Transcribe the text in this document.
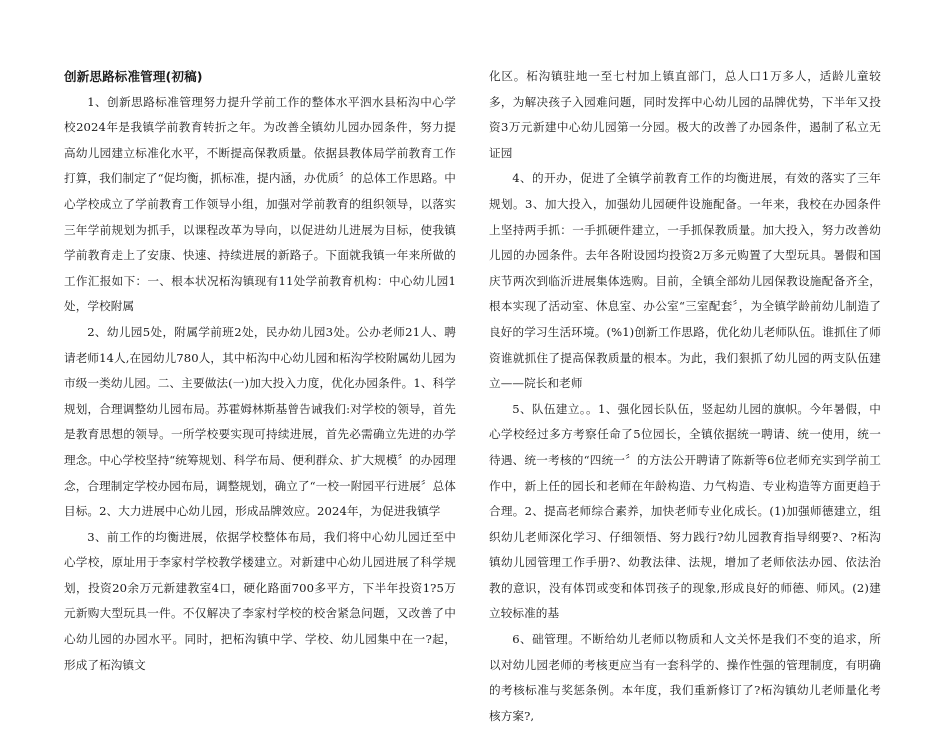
创新思路标准管理(初稿)

1、创新思路标准管理努力提升学前工作的整体水平泗水县柘沟中心学校2024年是我镇学前教育转折之年。为改善全镇幼儿园办园条件，努力提高幼儿园建立标准化水平，不断提高保教质量。依据县教体局学前教育工作打算，我们制定了“促均衡，抓标准，提内涵，办优质〞的总体工作思路。中心学校成立了学前教育工作领导小组，加强对学前教育的组织领导，以落实三年学前规划为抓手，以课程改革为导向，以促进幼儿进展为目标，使我镇学前教育走上了安康、快速、持续进展的新路子。下面就我镇一年来所做的工作汇报如下：一、根本状况柘沟镇现有11处学前教育机构：中心幼儿园1处，学校附属

2、幼儿园5处，附属学前班2处，民办幼儿园3处。公办老师21人、聘请老师14人,在园幼儿780人，其中柘沟中心幼儿园和柘沟学校附属幼儿园为市级一类幼儿园。二、主要做法(一)加大投入力度，优化办园条件。1、科学规划，合理调整幼儿园布局。苏霍姆林斯基曾告诫我们:对学校的领导，首先是教育思想的领导。一所学校要实现可持续进展，首先必需确立先进的办学理念。中心学校坚持“统筹规划、科学布局、便利群众、扩大规模〞的办园理念，合理制定学校办园布局，调整规划，确立了“一校一附园平行进展〞总体目标。2、大力进展中心幼儿园，形成品牌效应。2024年，为促进我镇学

3、前工作的均衡进展，依据学校整体布局，我们将中心幼儿园迁至中心学校，原址用于李家村学校教学楼建立。对新建中心幼儿园进展了科学规划，投资20余万元新建教室4口，硬化路面700多平方，下半年投资1?5万元新购大型玩具一件。不仅解决了李家村学校的校舍紧急问题，又改善了中心幼儿园的办园水平。同时，把柘沟镇中学、学校、幼儿园集中在一?起，形成了柘沟镇文

化区。柘沟镇驻地一至七村加上镇直部门，总人口1万多人，适龄儿童较多，为解决孩子入园难问题，同时发挥中心幼儿园的品牌优势，下半年又投资3万元新建中心幼儿园第一分园。极大的改善了办园条件，遏制了私立无证园

4、的开办，促进了全镇学前教育工作的均衡进展，有效的落实了三年规划。3、加大投入，加强幼儿园硬件设施配备。一年来，我校在办园条件上坚持两手抓：一手抓硬件建立，一手抓保教质量。加大投入，努力改善幼儿园的办园条件。去年各附设园均投资2万多元购置了大型玩具。暑假和国庆节两次到临沂进展集体选购。目前，全镇全部幼儿园保教设施配备齐全，根本实现了活动室、休息室、办公室“三室配套〞，为全镇学龄前幼儿制造了良好的学习生活环境。(%1)创新工作思路，优化幼儿老师队伍。谁抓住了师资谁就抓住了提高保教质量的根本。为此，我们狠抓了幼儿园的两支队伍建立——院长和老师

5、队伍建立。。1、强化园长队伍，竖起幼儿园的旗帜。今年暑假，中心学校经过多方考察任命了5位园长，全镇依据统一聘请、统一使用，统一待遇、统一考核的“四统一〞的方法公开聘请了陈新等6位老师充实到学前工作中，新上任的园长和老师在年龄构造、力气构造、专业构造等方面更趋于合理。2、提高老师综合素养，加快老师专业化成长。(1)加强师德建立，组织幼儿老师深化学习、仔细领悟、努力践行?幼儿园教育指导纲要?、?柘沟镇幼儿园管理工作手册?、幼教法律、法规，增加了老师依法办园、依法治教的意识，没有体罚或变和体罚孩子的现象,形成良好的师德、师风。(2)建立较标准的基

6、础管理。不断给幼儿老师以物质和人文关怀是我们不变的追求，所以对幼儿园老师的考核更应当有一套科学的、操作性强的管理制度，有明确的考核标准与奖惩条例。本年度，我们重新修订了?柘沟镇幼儿老师量化考核方案?,
